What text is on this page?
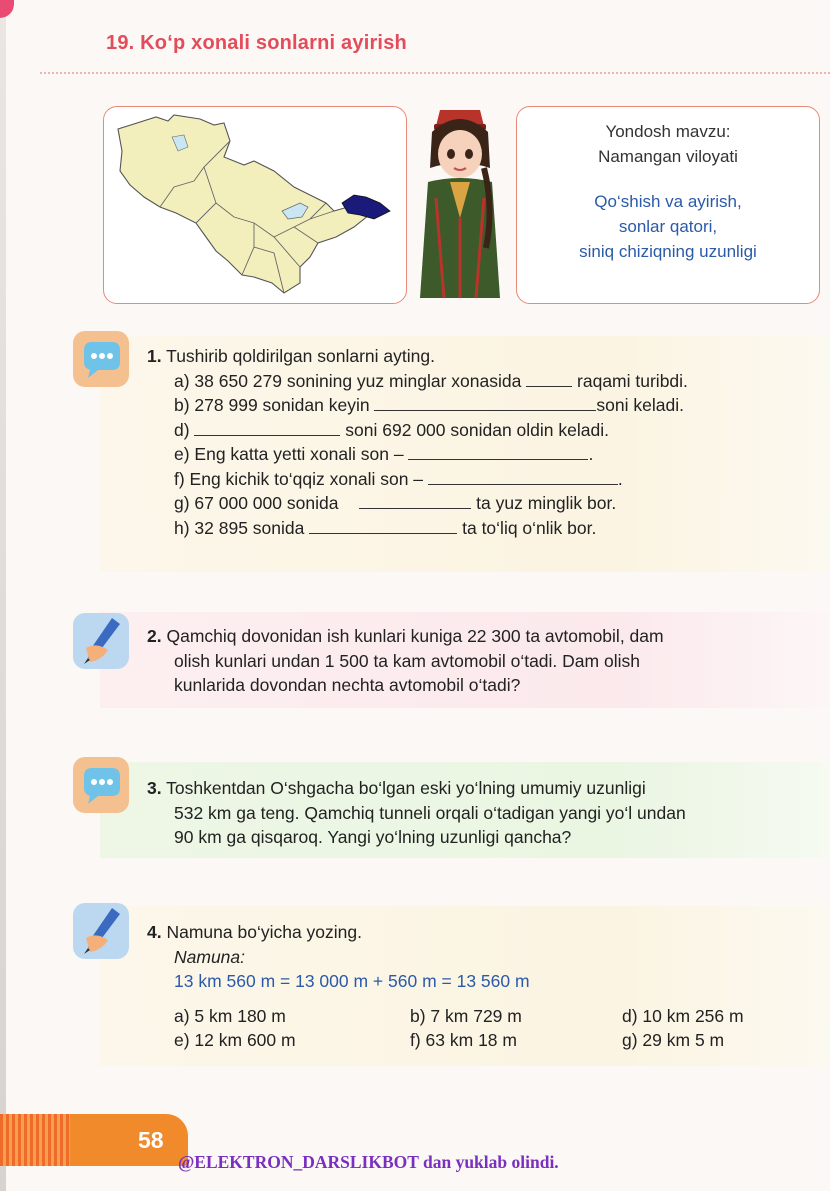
19. Ko‘p xonali sonlarni ayirish
Yondosh mavzu:
Namangan viloyati
Qo‘shish va ayirish,
sonlar qatori,
siniq chiziqning uzunligi
1. Tushirib qoldirilgan sonlarni ayting.
a) 38 650 279 sonining yuz minglar xonasida	raqami turibdi.
b) 278 999 sonidan keyin	soni keladi.
d)	soni 692 000 sonidan oldin keladi.
e) Eng katta yetti xonali son –	.
f) Eng kichik to‘qqiz xonali son –	.
g) 67 000 000 sonida	ta yuz minglik bor.
h) 32 895 sonida	ta to‘liq o‘nlik bor.
2. Qamchiq dovonidan ish kunlari kuniga 22 300 ta avtomobil, dam
olish kunlari undan 1 500 ta kam avtomobil o‘tadi. Dam olish
kunlarida dovondan nechta avtomobil o‘tadi?
3. Toshkentdan O‘shgacha bo‘lgan eski yo‘lning umumiy uzunligi
532 km ga teng. Qamchiq tunneli orqali o‘tadigan yangi yo‘l undan
90 km ga qisqaroq. Yangi yo‘lning uzunligi qancha?
4. Namuna bo‘yicha yozing.
Namuna:
13 km 560 m = 13 000 m + 560 m = 13 560 m
a) 5 km 180 m	b) 7 km 729 m	d) 10 km 256 m
e) 12 km 600 m	f) 63 km 18 m	g) 29 km 5 m
58
@ELEKTRON_DARSLIKBOT dan yuklab olindi.
